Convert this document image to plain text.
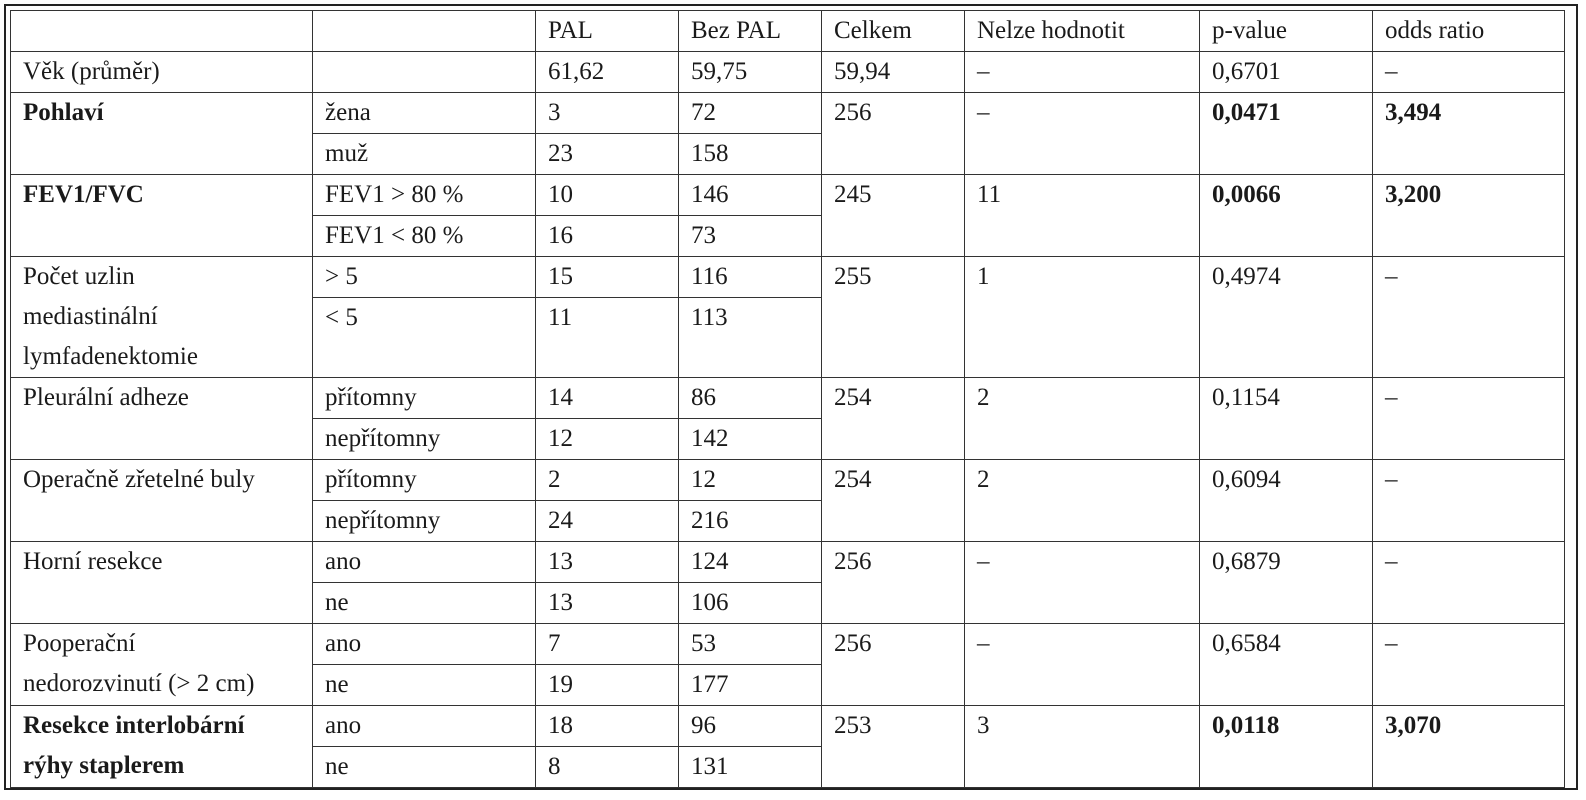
		PAL	Bez PAL	Celkem	Nelze hodnotit	p-value	odds ratio
Věk (průměr)		61,62	59,75	59,94	–	0,6701	–
Pohlaví	žena	3	72	256	–	0,0471	3,494
	muž	23	158				
FEV1/FVC	FEV1 > 80 %	10	146	245	11	0,0066	3,200
	FEV1 < 80 %	16	73				

Počet uzlin
mediastinální
lymfadenektomie	> 5	15	116	255	1	0,4974	–
	< 5	11	113				
Pleurální adheze	přítomny	14	86	254	2	0,1154	–
	nepřítomny	12	142				
Operačně zřetelné buly	přítomny	2	12	254	2	0,6094	–
	nepřítomny	24	216				
Horní resekce	ano	13	124	256	–	0,6879	–
	ne	13	106				

Pooperační
nedorozvinutí (> 2 cm)	ano	7	53	256	–	0,6584	–
	ne	19	177				

Resekce interlobární
rýhy staplerem	ano	18	96	253	3	0,0118	3,070
	ne	8	131				
